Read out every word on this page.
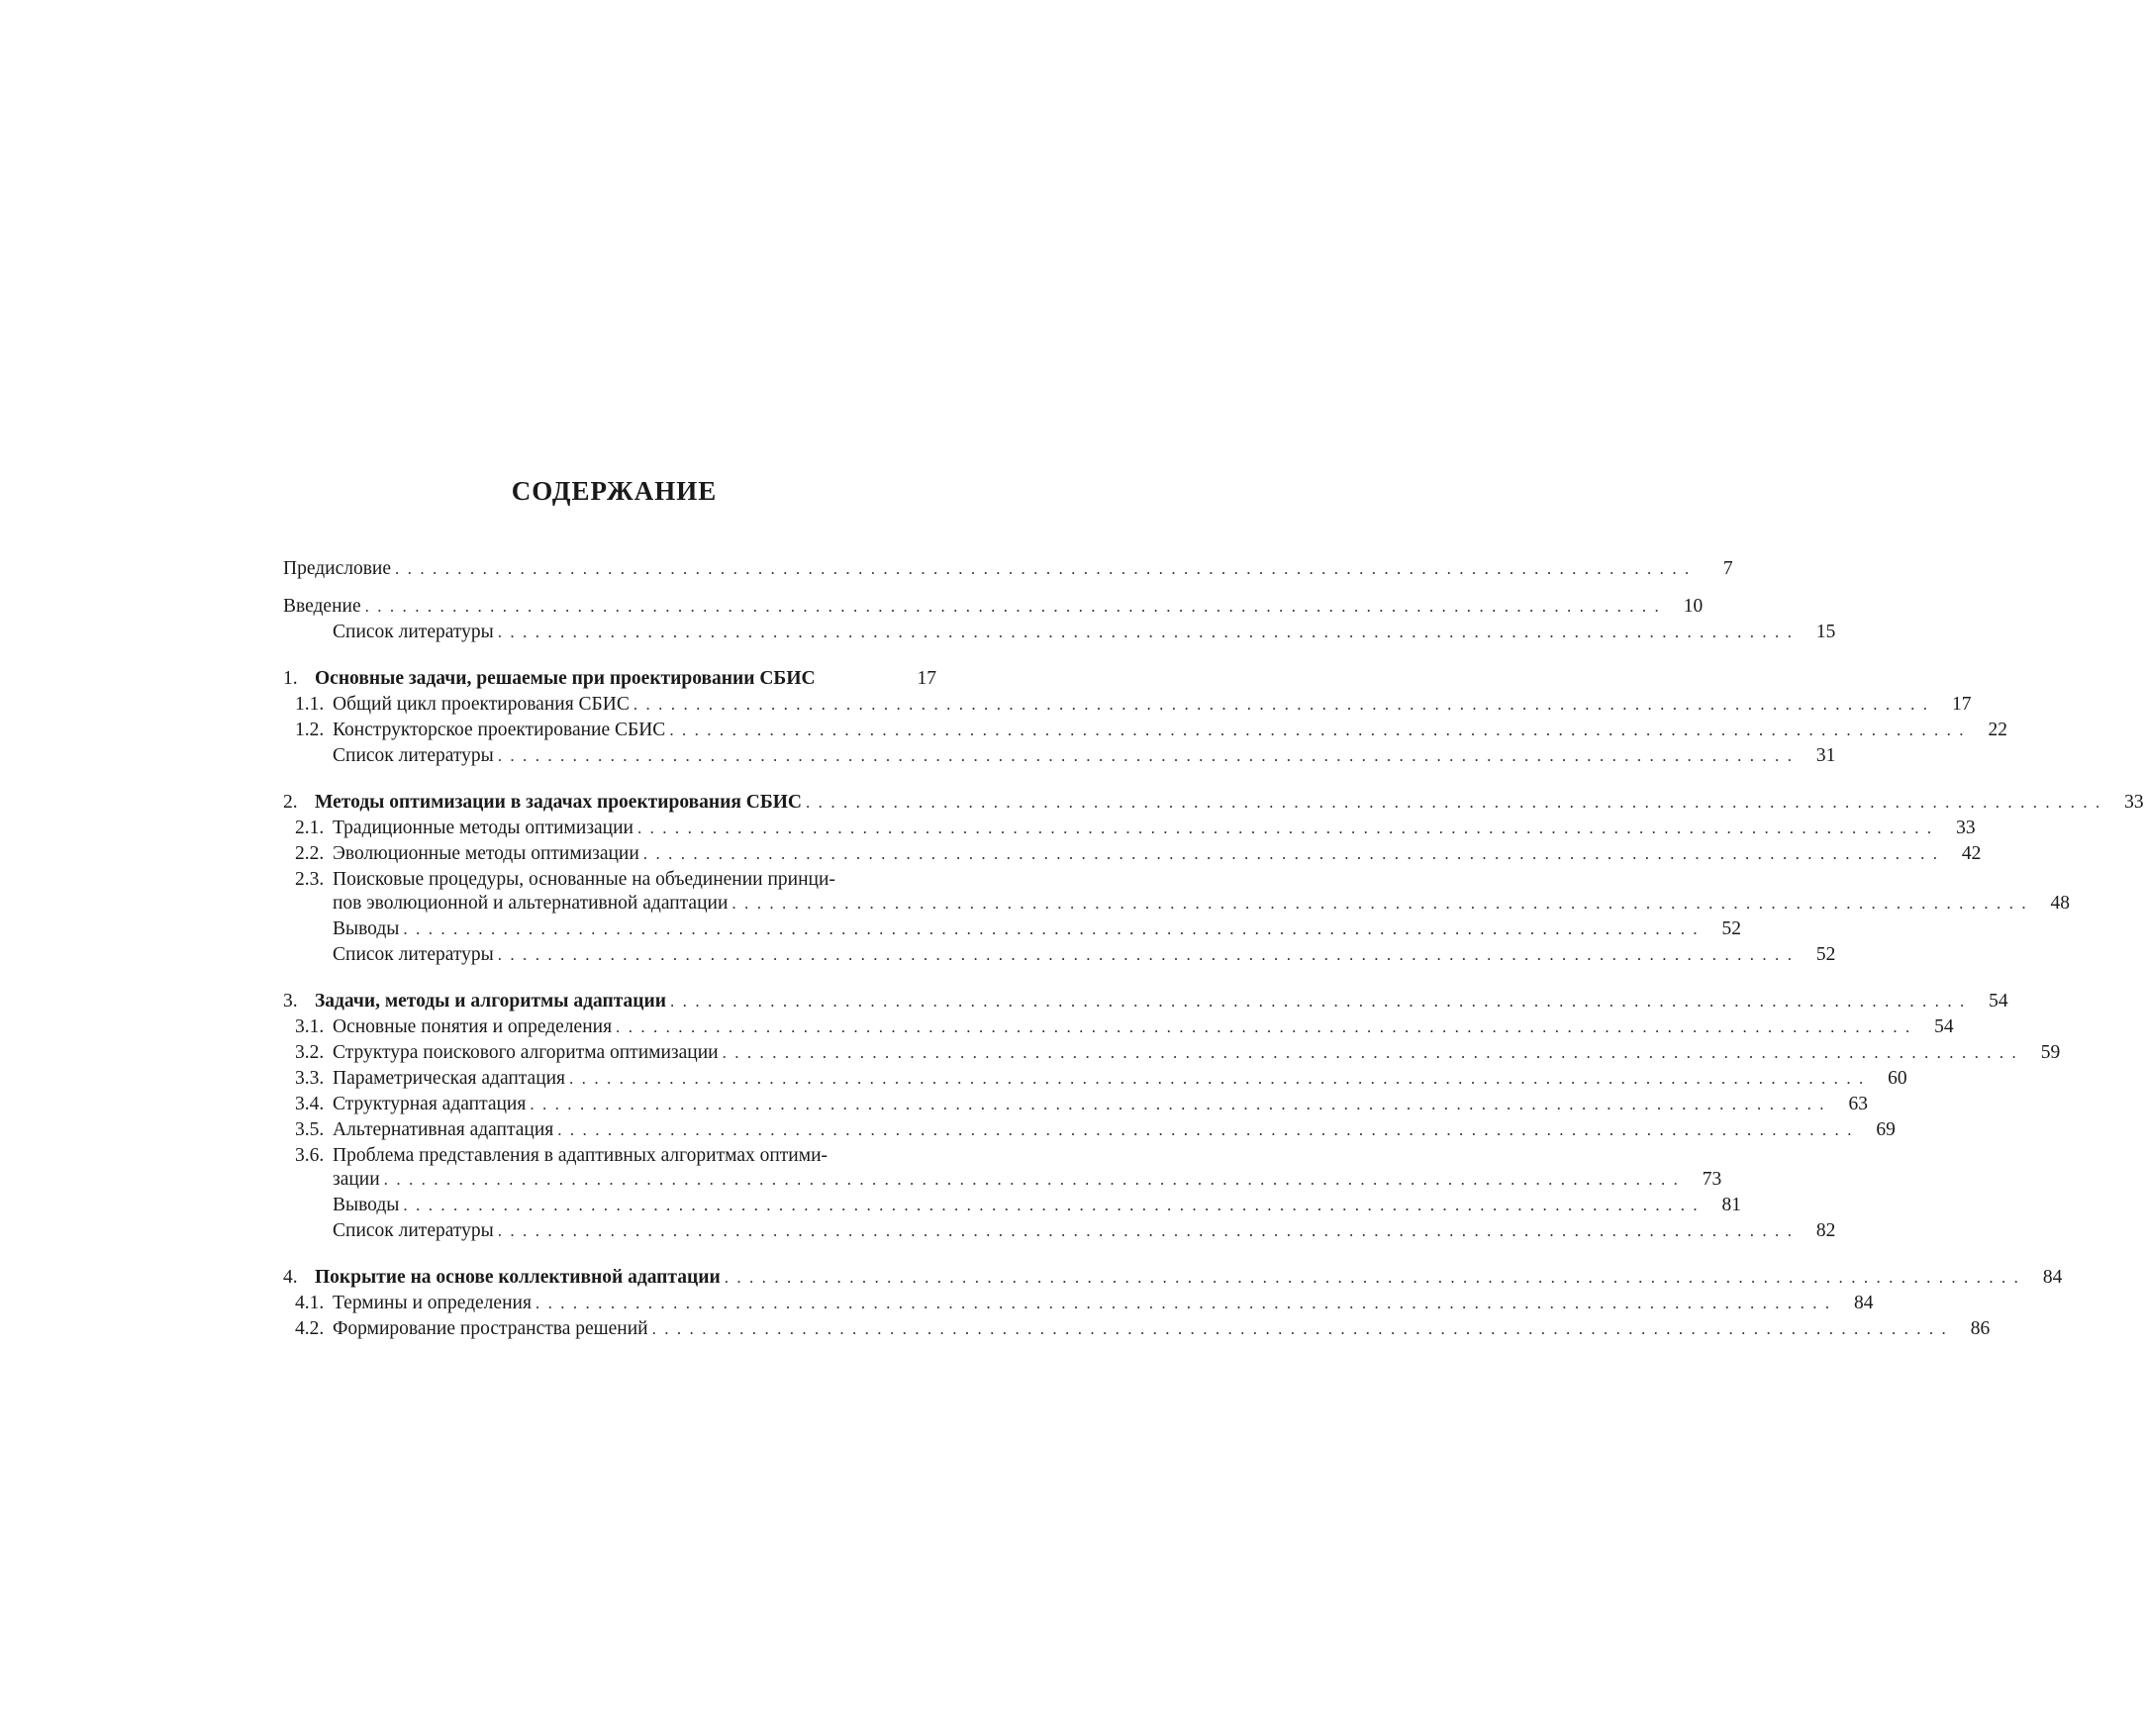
СОДЕРЖАНИЕ
Предисловие ........................................................................................................	7
Введение ........................................................................................................ 10
Список литературы ........................................................................................................ 15
1. Основные задачи, решаемые при проектировании СБИС	17
1.1. Общий цикл проектирования СБИС ........................................................................................................ 17
1.2. Конструкторское проектирование СБИС ........................................................................................................ 22
Список литературы ........................................................................................................ 31
2. Методы оптимизации в задачах проектирования СБИС ........................................................................................................ 33
2.1. Традиционные методы оптимизации ........................................................................................................ 33
2.2. Эволюционные методы оптимизации ........................................................................................................ 42
2.3. Поисковые процедуры, основанные на объединении принци-
пов эволюционной и альтернативной адаптации ........................................................................................................ 48
Выводы ........................................................................................................ 52
Список литературы ........................................................................................................ 52
3. Задачи, методы и алгоритмы адаптации ........................................................................................................ 54
3.1. Основные понятия и определения ........................................................................................................ 54
3.2. Структура поискового алгоритма оптимизации ........................................................................................................ 59
3.3. Параметрическая адаптация ........................................................................................................ 60
3.4. Структурная адаптация ........................................................................................................ 63
3.5. Альтернативная адаптация ........................................................................................................ 69
3.6. Проблема представления в адаптивных алгоритмах оптими-
зации ........................................................................................................ 73
Выводы ........................................................................................................ 81
Список литературы ........................................................................................................ 82
4. Покрытие на основе коллективной адаптации ........................................................................................................ 84
4.1. Термины и определения ........................................................................................................ 84
4.2. Формирование пространства решений ........................................................................................................ 86
